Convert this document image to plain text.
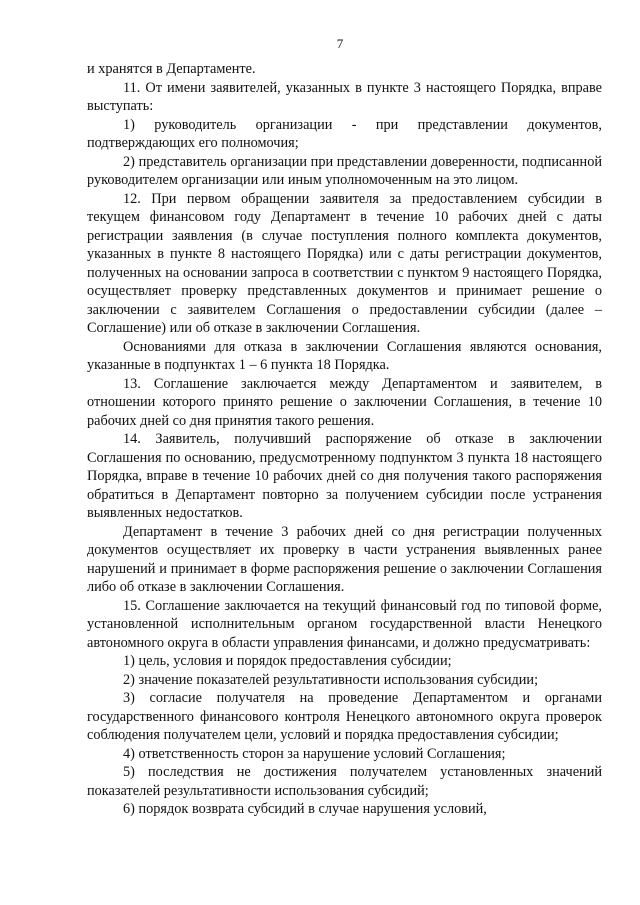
7

и хранятся в Департаменте.

11. От имени заявителей, указанных в пункте 3 настоящего Порядка, вправе выступать:

1) руководитель организации - при представлении документов, подтверждающих его полномочия;

2) представитель организации при представлении доверенности, подписанной руководителем организации или иным уполномоченным на это лицом.

12. При первом обращении заявителя за предоставлением субсидии в текущем финансовом году Департамент в течение 10 рабочих дней с даты регистрации заявления (в случае поступления полного комплекта документов, указанных в пункте 8 настоящего Порядка) или с даты регистрации документов, полученных на основании запроса в соответствии с пунктом 9 настоящего Порядка, осуществляет проверку представленных документов и принимает решение о заключении с заявителем Соглашения о предоставлении субсидии (далее – Соглашение) или об отказе в заключении Соглашения.

Основаниями для отказа в заключении Соглашения являются основания, указанные в подпунктах 1 – 6 пункта 18 Порядка.

13. Соглашение заключается между Департаментом и заявителем, в отношении которого принято решение о заключении Соглашения, в течение 10 рабочих дней со дня принятия такого решения.

14. Заявитель, получивший распоряжение об отказе в заключении Соглашения по основанию, предусмотренному подпунктом 3 пункта 18 настоящего Порядка, вправе в течение 10 рабочих дней со дня получения такого распоряжения обратиться в Департамент повторно за получением субсидии после устранения выявленных недостатков.

Департамент в течение 3 рабочих дней со дня регистрации полученных документов осуществляет их проверку в части устранения выявленных ранее нарушений и принимает в форме распоряжения решение о заключении Соглашения либо об отказе в заключении Соглашения.

15. Соглашение заключается на текущий финансовый год по типовой форме, установленной исполнительным органом государственной власти Ненецкого автономного округа в области управления финансами, и должно предусматривать:

1) цель, условия и порядок предоставления субсидии;

2) значение показателей результативности использования субсидии;

3) согласие получателя на проведение Департаментом и органами государственного финансового контроля Ненецкого автономного округа проверок соблюдения получателем цели, условий и порядка предоставления субсидии;

4) ответственность сторон за нарушение условий Соглашения;

5) последствия не достижения получателем установленных значений показателей результативности использования субсидий;

6) порядок возврата субсидий в случае нарушения условий,
